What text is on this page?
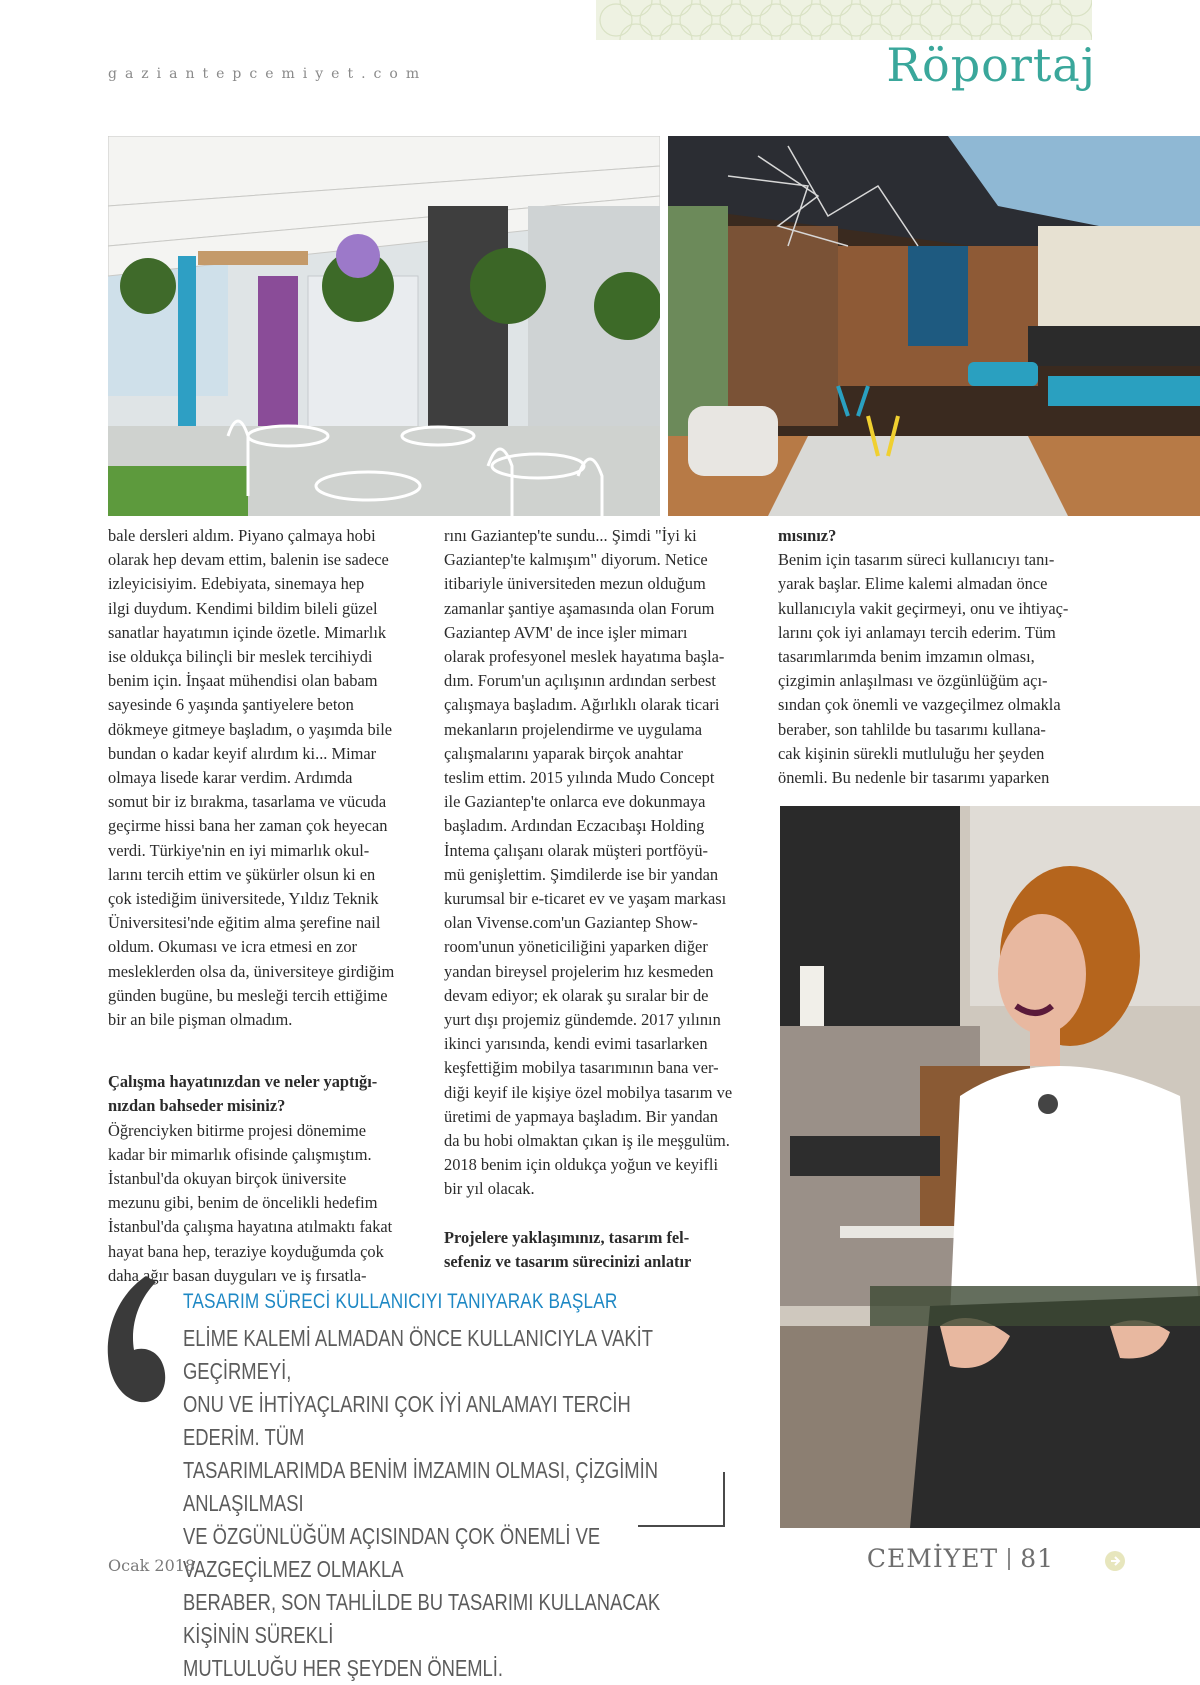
gaziantepcemiyet.com	Röportaj

bale dersleri aldım. Piyano çalmaya hobi

olarak hep devam ettim, balenin ise sadece

izleyicisiyim. Edebiyata, sinemaya hep

ilgi duydum. Kendimi bildim bileli güzel

sanatlar hayatımın içinde özetle. Mimarlık

ise oldukça bilinçli bir meslek tercihiydi

benim için. İnşaat mühendisi olan babam

sayesinde 6 yaşında şantiyelere beton

dökmeye gitmeye başladım, o yaşımda bile

bundan o kadar keyif alırdım ki... Mimar

olmaya lisede karar verdim. Ardımda

somut bir iz bırakma, tasarlama ve vücuda

geçirme hissi bana her zaman çok heyecan

verdi. Türkiye'nin en iyi mimarlık okul-

larını tercih ettim ve şükürler olsun ki en

çok istediğim üniversitede, Yıldız Teknik

Üniversitesi'nde eğitim alma şerefine nail

oldum. Okuması ve icra etmesi en zor

mesleklerden olsa da, üniversiteye girdiğim

günden bugüne, bu mesleği tercih ettiğime

bir an bile pişman olmadım.

Çalışma hayatınızdan ve neler yaptığı-

nızdan bahseder misiniz?

Öğrenciyken bitirme projesi dönemime

kadar bir mimarlık ofisinde çalışmıştım.

İstanbul'da okuyan birçok üniversite

mezunu gibi, benim de öncelikli hedefim

İstanbul'da çalışma hayatına atılmaktı fakat

hayat bana hep, teraziye koyduğumda çok

daha ağır basan duyguları ve iş fırsatla-

rını Gaziantep'te sundu... Şimdi "İyi ki

Gaziantep'te kalmışım" diyorum. Netice

itibariyle üniversiteden mezun olduğum

zamanlar şantiye aşamasında olan Forum

Gaziantep AVM' de ince işler mimarı

olarak profesyonel meslek hayatıma başla-

dım. Forum'un açılışının ardından serbest

çalışmaya başladım. Ağırlıklı olarak ticari

mekanların projelendirme ve uygulama

çalışmalarını yaparak birçok anahtar

teslim ettim. 2015 yılında Mudo Concept

ile Gaziantep'te onlarca eve dokunmaya

başladım. Ardından Eczacıbaşı Holding

İntema çalışanı olarak müşteri portföyü-

mü genişlettim. Şimdilerde ise bir yandan

kurumsal bir e-ticaret ev ve yaşam markası

olan Vivense.com'un Gaziantep Show-

room'unun yöneticiliğini yaparken diğer

yandan bireysel projelerim hız kesmeden

devam ediyor; ek olarak şu sıralar bir de

yurt dışı projemiz gündemde. 2017 yılının

ikinci yarısında, kendi evimi tasarlarken

keşfettiğim mobilya tasarımının bana ver-

diği keyif ile kişiye özel mobilya tasarım ve

üretimi de yapmaya başladım. Bir yandan

da bu hobi olmaktan çıkan iş ile meşgulüm.

2018 benim için oldukça yoğun ve keyifli

bir yıl olacak.

Projelere yaklaşımınız, tasarım fel-

sefeniz ve tasarım sürecinizi anlatır

mısınız?

Benim için tasarım süreci kullanıcıyı tanı-

yarak başlar. Elime kalemi almadan önce

kullanıcıyla vakit geçirmeyi, onu ve ihtiyaç-

larını çok iyi anlamayı tercih ederim. Tüm

tasarımlarımda benim imzamın olması,

çizgimin anlaşılması ve özgünlüğüm açı-

sından çok önemli ve vazgeçilmez olmakla

beraber, son tahlilde bu tasarımı kullana-

cak kişinin sürekli mutluluğu her şeyden

önemli. Bu nedenle bir tasarımı yaparken

TASARIM SÜRECİ KULLANICIYI TANIYARAK BAŞLAR
ELİME KALEMİ ALMADAN ÖNCE KULLANICIYLA VAKİT GEÇİRMEYİ,
ONU VE İHTİYAÇLARINI ÇOK İYİ ANLAMAYI TERCİH EDERİM. TÜM
TASARIMLARIMDA BENİM İMZAMIN OLMASI, ÇİZGİMİN ANLAŞILMASI
VE ÖZGÜNLÜĞÜM AÇISINDAN ÇOK ÖNEMLİ VE VAZGEÇİLMEZ OLMAKLA
BERABER, SON TAHLİLDE BU TASARIMI KULLANACAK KİŞİNİN SÜREKLİ
MUTLULUĞU HER ŞEYDEN ÖNEMLİ.
Ocak 2018	CEMİYET 81
